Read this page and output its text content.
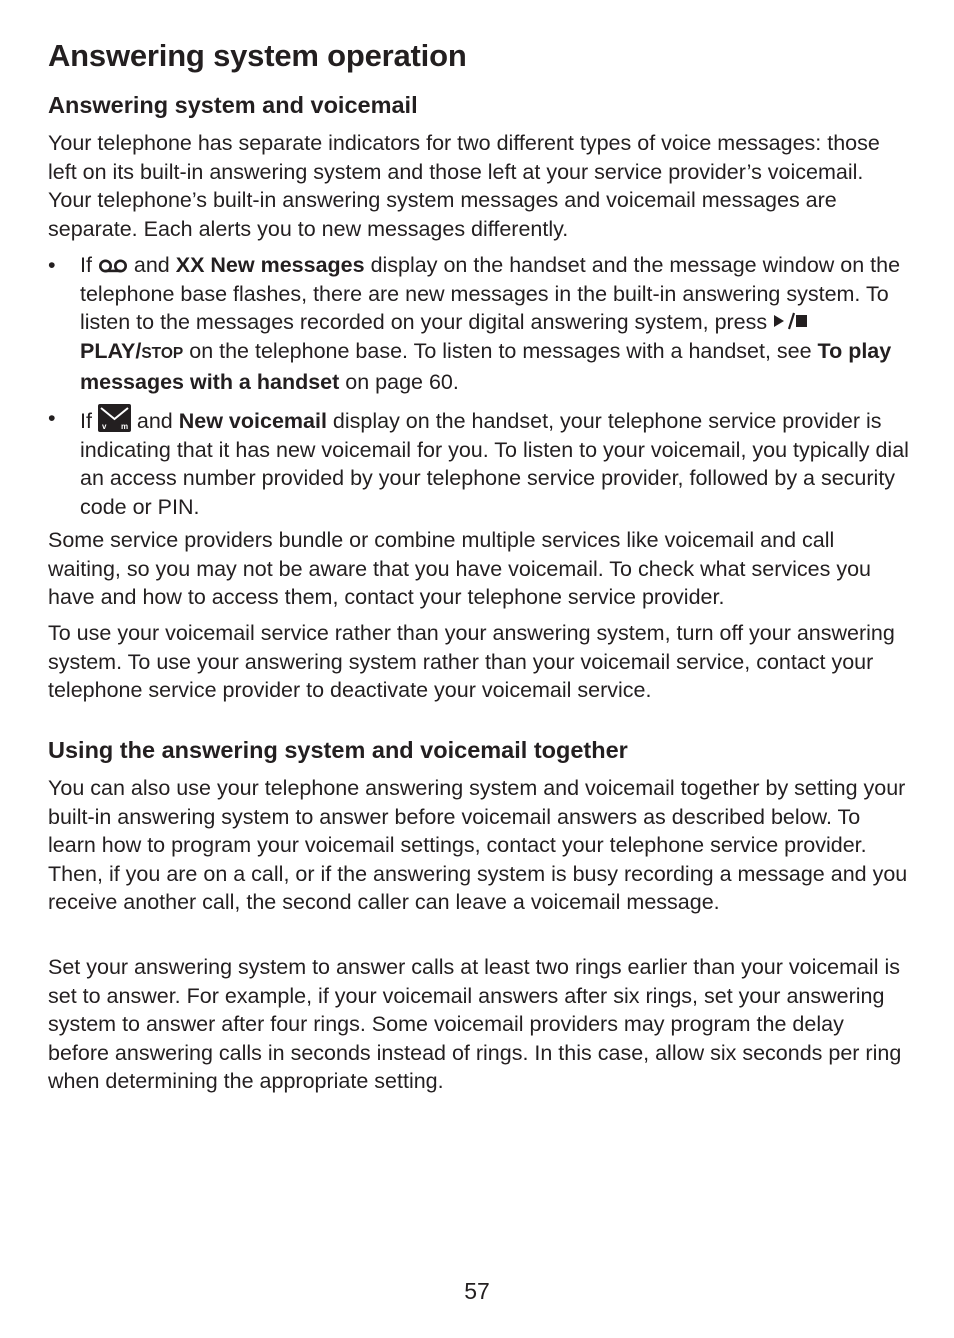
Answering system operation
Answering system and voicemail

Your telephone has separate indicators for two different types of voice messages: those left on its built-in answering system and those left at your service provider’s voicemail. Your telephone’s built-in answering system messages and voicemail messages are separate. Each alerts you to new messages differently.

• If  and XX New messages display on the handset and the message window on the telephone base flashes, there are new messages in the built-in answering system. To listen to the messages recorded on your digital answering system, press PLAY/STOP on the telephone base. To listen to messages with a handset, see To play messages with a handset on page 60.
• If v m and New voicemail display on the handset, your telephone service provider is indicating that it has new voicemail for you. To listen to your voicemail, you typically dial an access number provided by your telephone service provider, followed by a security code or PIN.

Some service providers bundle or combine multiple services like voicemail and call waiting, so you may not be aware that you have voicemail. To check what services you have and how to access them, contact your telephone service provider.

To use your voicemail service rather than your answering system, turn off your answering system. To use your answering system rather than your voicemail service, contact your telephone service provider to deactivate your voicemail service.

Using the answering system and voicemail together

You can also use your telephone answering system and voicemail together by setting your built-in answering system to answer before voicemail answers as described below. To learn how to program your voicemail settings, contact your telephone service provider. Then, if you are on a call, or if the answering system is busy recording a message and you receive another call, the second caller can leave a voicemail message.

Set your answering system to answer calls at least two rings earlier than your voicemail is set to answer. For example, if your voicemail answers after six rings, set your answering system to answer after four rings. Some voicemail providers may program the delay before answering calls in seconds instead of rings. In this case, allow six seconds per ring when determining the appropriate setting.

57
